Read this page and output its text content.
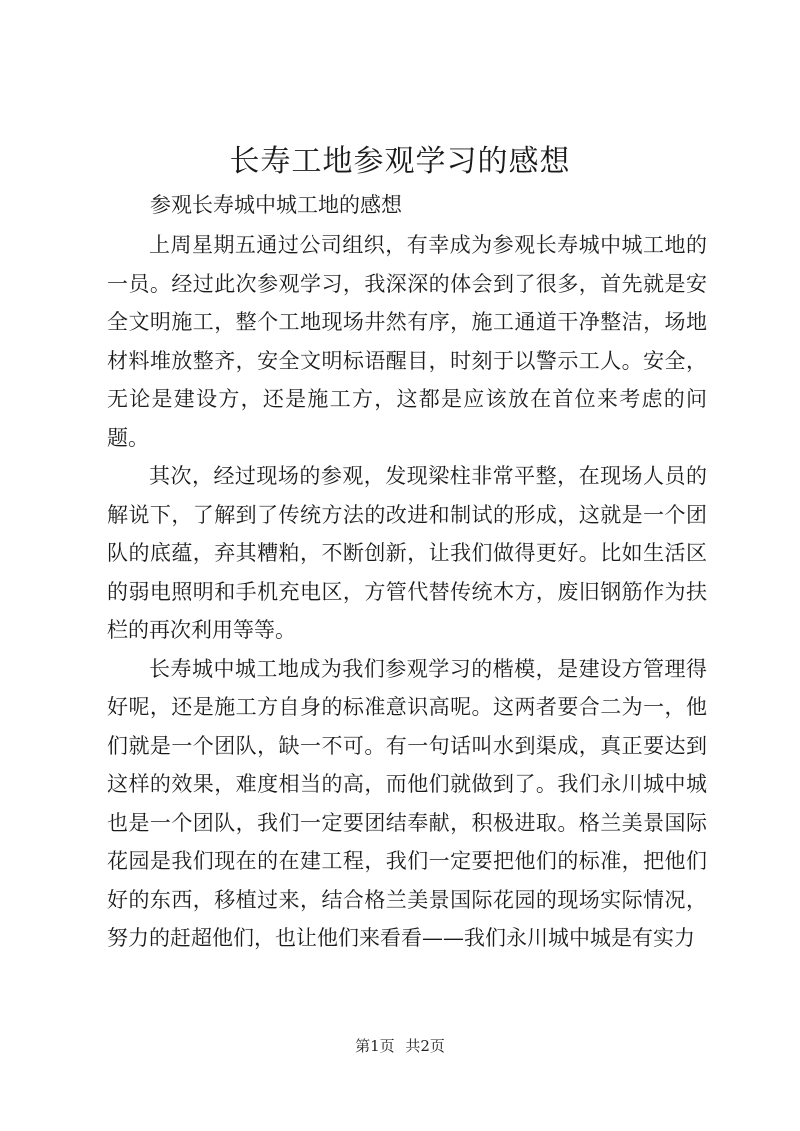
长寿工地参观学习的感想

参观长寿城中城工地的感想

上周星期五通过公司组织，有幸成为参观长寿城中城工地的一员。经过此次参观学习，我深深的体会到了很多，首先就是安全文明施工，整个工地现场井然有序，施工通道干净整洁，场地材料堆放整齐，安全文明标语醒目，时刻于以警示工人。安全，无论是建设方，还是施工方，这都是应该放在首位来考虑的问题。

其次，经过现场的参观，发现梁柱非常平整，在现场人员的解说下，了解到了传统方法的改进和制试的形成，这就是一个团队的底蕴，弃其糟粕，不断创新，让我们做得更好。比如生活区的弱电照明和手机充电区，方管代替传统木方，废旧钢筋作为扶栏的再次利用等等。

长寿城中城工地成为我们参观学习的楷模，是建设方管理得好呢，还是施工方自身的标准意识高呢。这两者要合二为一，他们就是一个团队，缺一不可。有一句话叫水到渠成，真正要达到这样的效果，难度相当的高，而他们就做到了。我们永川城中城也是一个团队，我们一定要团结奉献，积极进取。格兰美景国际花园是我们现在的在建工程，我们一定要把他们的标准，把他们好的东西，移植过来，结合格兰美景国际花园的现场实际情况，努力的赶超他们，也让他们来看看——我们永川城中城是有实力

第1页 共2页
